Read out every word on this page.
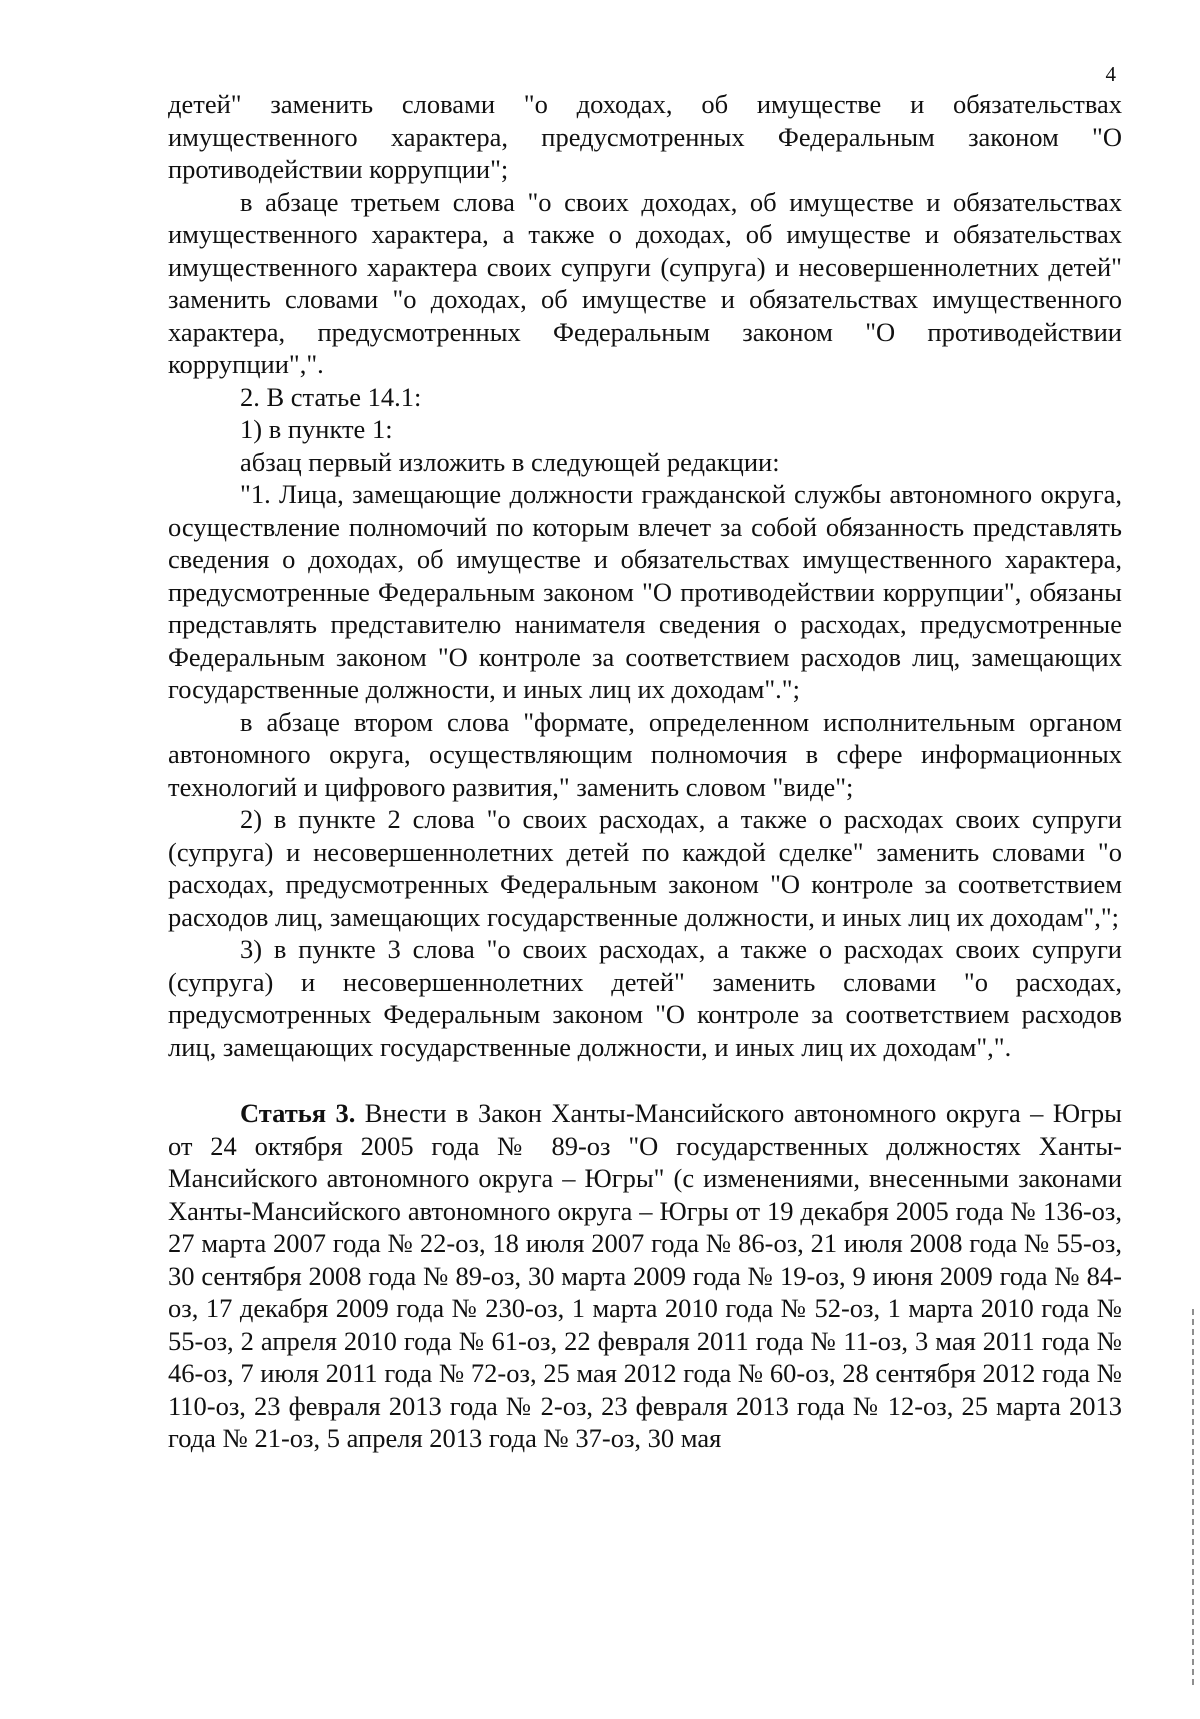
4

детей" заменить словами "о доходах, об имуществе и обязательствах имущественного характера, предусмотренных Федеральным законом "О противодействии коррупции";

в абзаце третьем слова "о своих доходах, об имуществе и обязательствах имущественного характера, а также о доходах, об имуществе и обязательствах имущественного характера своих супруги (супруга) и несовершеннолетних детей" заменить словами "о доходах, об имуществе и обязательствах имущественного характера, предусмотренных Федеральным законом "О противодействии коррупции",".

2. В статье 14.1:

1) в пункте 1:

абзац первый изложить в следующей редакции:

"1. Лица, замещающие должности гражданской службы автономного округа, осуществление полномочий по которым влечет за собой обязанность представлять сведения о доходах, об имуществе и обязательствах имущественного характера, предусмотренные Федеральным законом "О противодействии коррупции", обязаны представлять представителю нанимателя сведения о расходах, предусмотренные Федеральным законом "О контроле за соответствием расходов лиц, замещающих государственные должности, и иных лиц их доходам".";

в абзаце втором слова "формате, определенном исполнительным органом автономного округа, осуществляющим полномочия в сфере информационных технологий и цифрового развития," заменить словом "виде";

2) в пункте 2 слова "о своих расходах, а также о расходах своих супруги (супруга) и несовершеннолетних детей по каждой сделке" заменить словами "о расходах, предусмотренных Федеральным законом "О контроле за соответствием расходов лиц, замещающих государственные должности, и иных лиц их доходам",";

3) в пункте 3 слова "о своих расходах, а также о расходах своих супруги (супруга) и несовершеннолетних детей" заменить словами "о расходах, предусмотренных Федеральным законом "О контроле за соответствием расходов лиц, замещающих государственные должности, и иных лиц их доходам",".

Статья 3. Внести в Закон Ханты-Мансийского автономного округа – Югры от 24 октября 2005 года № 89-оз "О государственных должностях Ханты-Мансийского автономного округа – Югры" (с изменениями, внесенными законами Ханты-Мансийского автономного округа – Югры от 19 декабря 2005 года № 136-оз, 27 марта 2007 года № 22-оз, 18 июля 2007 года № 86-оз, 21 июля 2008 года № 55-оз, 30 сентября 2008 года № 89-оз, 30 марта 2009 года № 19-оз, 9 июня 2009 года № 84-оз, 17 декабря 2009 года № 230-оз, 1 марта 2010 года № 52-оз, 1 марта 2010 года № 55-оз, 2 апреля 2010 года № 61-оз, 22 февраля 2011 года № 11-оз, 3 мая 2011 года № 46-оз, 7 июля 2011 года № 72-оз, 25 мая 2012 года № 60-оз, 28 сентября 2012 года № 110-оз, 23 февраля 2013 года № 2-оз, 23 февраля 2013 года № 12-оз, 25 марта 2013 года № 21-оз, 5 апреля 2013 года № 37-оз, 30 мая
